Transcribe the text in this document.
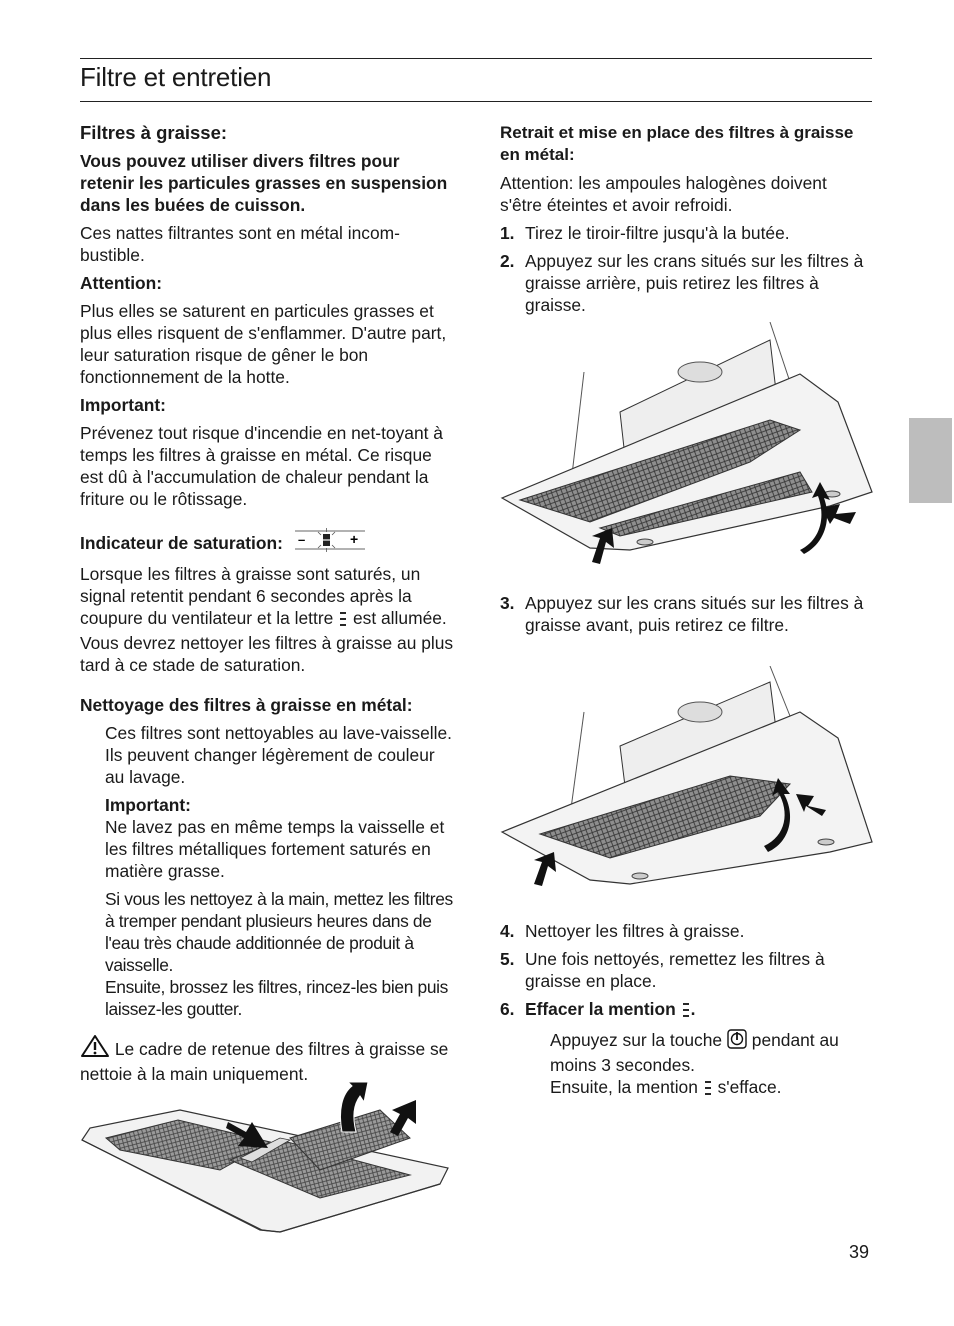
Filtre et entretien

Filtres à graisse:

Vous pouvez utiliser divers filtres pour retenir les particules grasses en suspension dans les buées de cuisson.

Ces nattes filtrantes sont en métal incom-bustible.

Attention:

Plus elles se saturent en particules grasses et plus elles risquent de s'enflammer. D'autre part, leur saturation risque de gêner le bon fonctionnement de la hotte.

Important:

Prévenez tout risque d'incendie en net-toyant à temps les filtres à graisse en métal. Ce risque est dû à l'accumulation de chaleur pendant la friture ou le rôtissage.

Indicateur de saturation: –	+

Lorsque les filtres à graisse sont saturés, un signal retentit pendant 6 secondes après la coupure du ventilateur et la lettre est allumée. Vous devrez nettoyer les filtres à graisse au plus tard à ce stade de saturation.

Nettoyage des filtres à graisse en métal:

Ces filtres sont nettoyables au lave-vaisselle. Ils peuvent changer légèrement de couleur au lavage.

Important:

Ne lavez pas en même temps la vaisselle et les filtres métalliques fortement saturés en matière grasse.

Si vous les nettoyez à la main, mettez les filtres à tremper pendant plusieurs heures dans de l'eau très chaude additionnée de produit à vaisselle.

Ensuite, brossez les filtres, rincez-les bien puis laissez-les goutter.

Le cadre de retenue des filtres à graisse se nettoie à la main uniquement.

Retrait et mise en place des filtres à graisse en métal:

Attention: les ampoules halogènes doivent s'être éteintes et avoir refroidi.

1. Tirez le tiroir-filtre jusqu'à la butée.
2. Appuyez sur les crans situés sur les filtres à graisse arrière, puis retirez les filtres à graisse.
3. Appuyez sur les crans situés sur les filtres à graisse avant, puis retirez ce filtre.
4. Nettoyer les filtres à graisse.
5. Une fois nettoyés, remettez les filtres à graisse en place.
6. Effacer la mention .

Appuyez sur la touche pendant au moins 3 secondes.

Ensuite, la mention s'efface.

39
